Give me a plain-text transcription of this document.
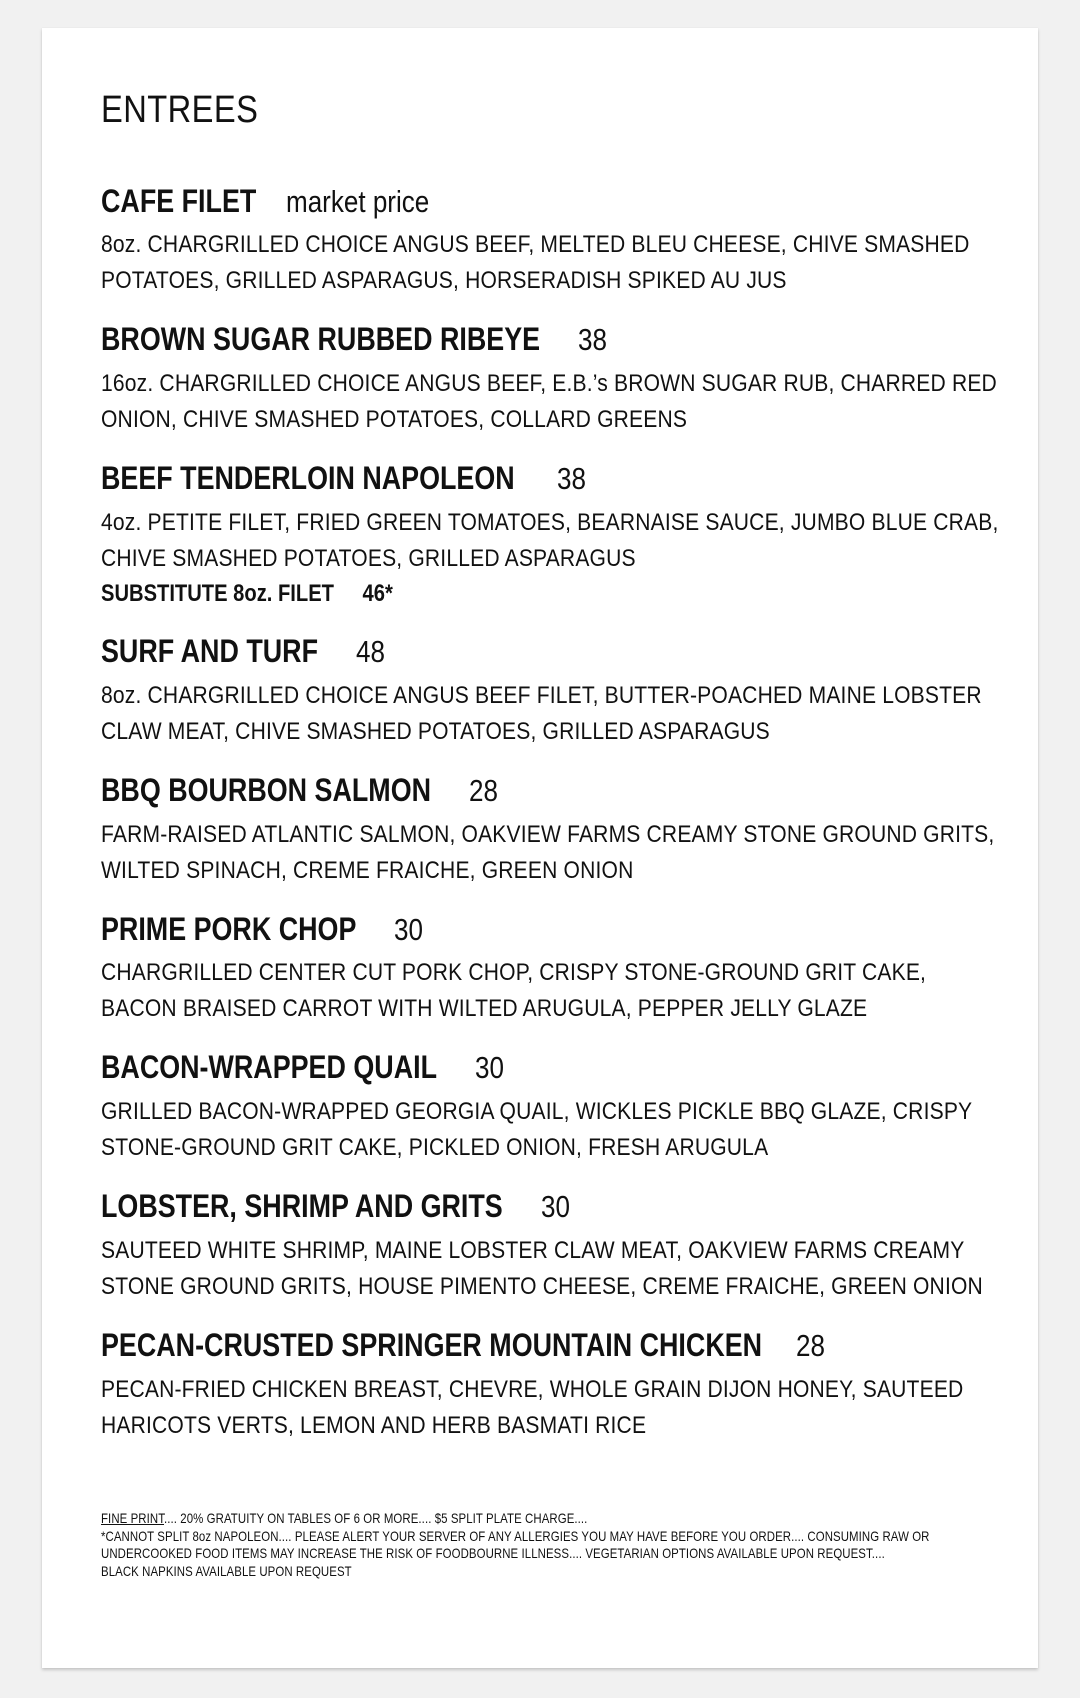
ENTREES
CAFE FILET market price
8oz. CHARGRILLED CHOICE ANGUS BEEF, MELTED BLEU CHEESE, CHIVE SMASHED POTATOES, GRILLED ASPARAGUS, HORSERADISH SPIKED AU JUS
BROWN SUGAR RUBBED RIBEYE 38
16oz. CHARGRILLED CHOICE ANGUS BEEF, E.B.’s BROWN SUGAR RUB, CHARRED RED ONION, CHIVE SMASHED POTATOES, COLLARD GREENS
BEEF TENDERLOIN NAPOLEON 38
4oz. PETITE FILET, FRIED GREEN TOMATOES, BEARNAISE SAUCE, JUMBO BLUE CRAB, CHIVE SMASHED POTATOES, GRILLED ASPARAGUS
SUBSTITUTE 8oz. FILET 46*
SURF AND TURF 48
8oz. CHARGRILLED CHOICE ANGUS BEEF FILET, BUTTER-POACHED MAINE LOBSTER CLAW MEAT, CHIVE SMASHED POTATOES, GRILLED ASPARAGUS
BBQ BOURBON SALMON 28
FARM-RAISED ATLANTIC SALMON, OAKVIEW FARMS CREAMY STONE GROUND GRITS, WILTED SPINACH, CREME FRAICHE, GREEN ONION
PRIME PORK CHOP 30
CHARGRILLED CENTER CUT PORK CHOP, CRISPY STONE-GROUND GRIT CAKE, BACON BRAISED CARROT WITH WILTED ARUGULA, PEPPER JELLY GLAZE
BACON-WRAPPED QUAIL 30
GRILLED BACON-WRAPPED GEORGIA QUAIL, WICKLES PICKLE BBQ GLAZE, CRISPY STONE-GROUND GRIT CAKE, PICKLED ONION, FRESH ARUGULA
LOBSTER, SHRIMP AND GRITS 30
SAUTEED WHITE SHRIMP, MAINE LOBSTER CLAW MEAT, OAKVIEW FARMS CREAMY STONE GROUND GRITS, HOUSE PIMENTO CHEESE, CREME FRAICHE, GREEN ONION
PECAN-CRUSTED SPRINGER MOUNTAIN CHICKEN 28
PECAN-FRIED CHICKEN BREAST, CHEVRE, WHOLE GRAIN DIJON HONEY, SAUTEED HARICOTS VERTS, LEMON AND HERB BASMATI RICE
FINE PRINT.... 20% GRATUITY ON TABLES OF 6 OR MORE.... $5 SPLIT PLATE CHARGE....
*CANNOT SPLIT 8oz NAPOLEON.... PLEASE ALERT YOUR SERVER OF ANY ALLERGIES YOU MAY HAVE BEFORE YOU ORDER.... CONSUMING RAW OR
UNDERCOOKED FOOD ITEMS MAY INCREASE THE RISK OF FOODBOURNE ILLNESS.... VEGETARIAN OPTIONS AVAILABLE UPON REQUEST....
BLACK NAPKINS AVAILABLE UPON REQUEST
